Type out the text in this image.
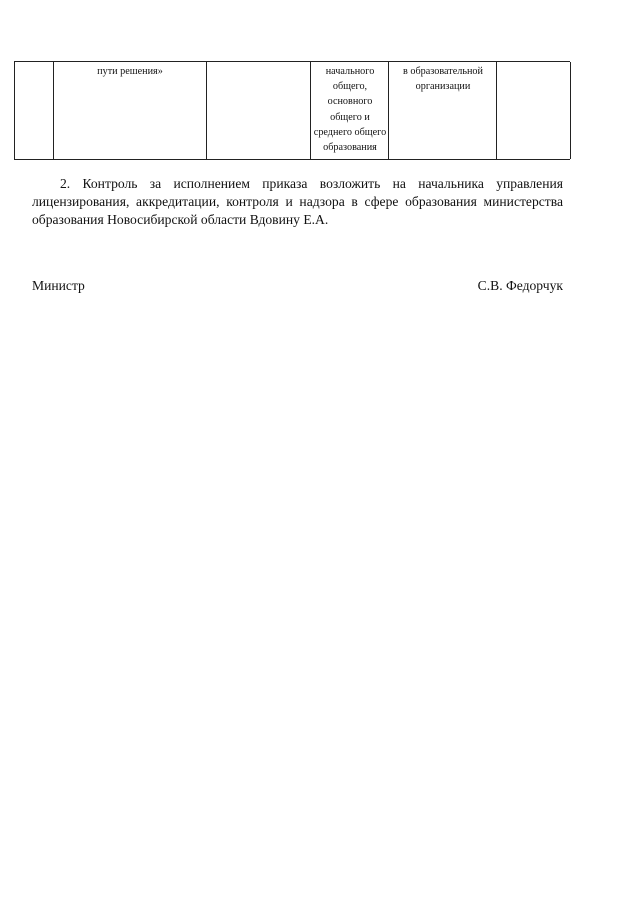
пути решения»	начального общего, основного общего и среднего общего образования
в образовательной организации

2. Контроль за исполнением приказа возложить на начальника управления лицензирования, аккредитации, контроля и надзора в сфере образования министерства образования Новосибирской области Вдовину Е.А.

Министр	С.В. Федорчук
